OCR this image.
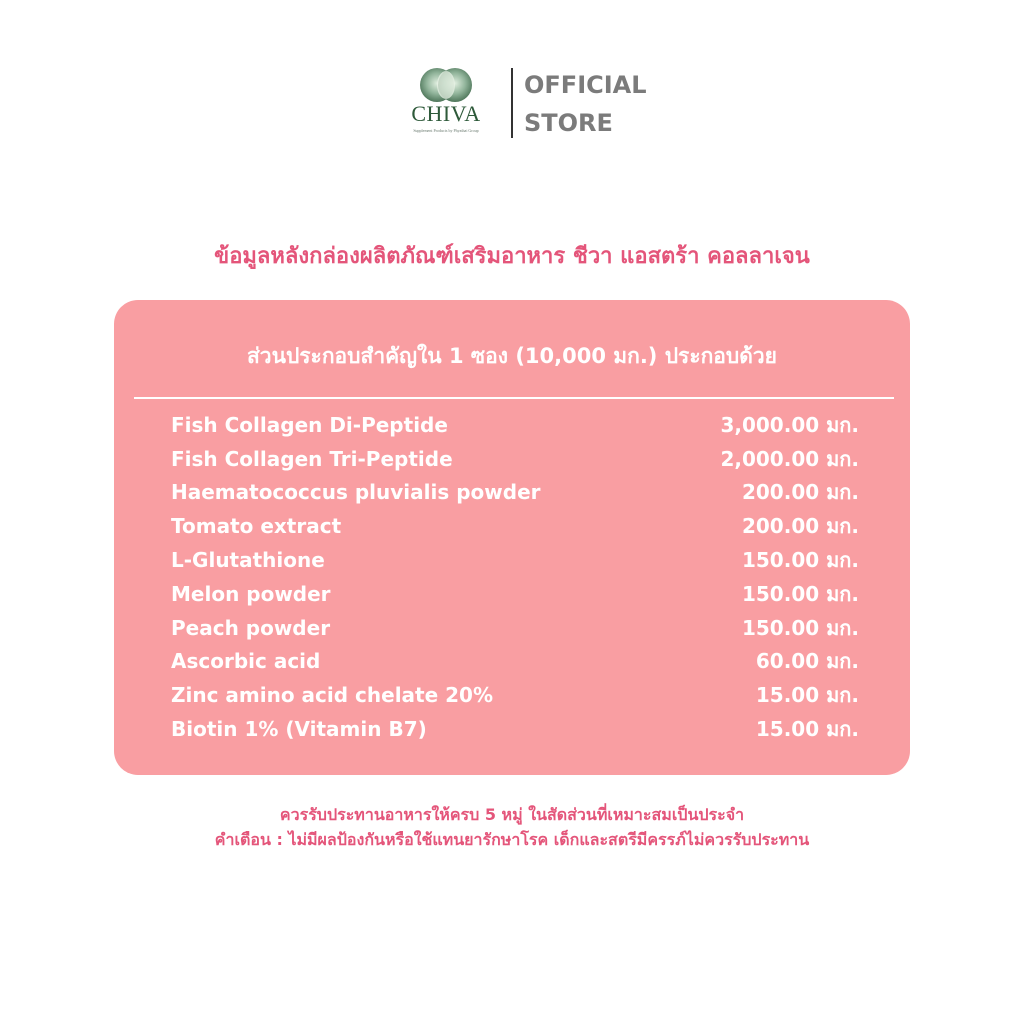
CHIVA
Supplement Products by Phyathai Group
OFFICIAL
STORE
ข้อมูลหลังกล่องผลิตภัณฑ์เสริมอาหาร ชีวา แอสตร้า คอลลาเจน
ส่วนประกอบสำคัญใน 1 ซอง (10,000 มก.) ประกอบด้วย
Fish Collagen Di-Peptide	3,000.00 มก.
Fish Collagen Tri-Peptide	2,000.00 มก.
Haematococcus pluvialis powder	200.00 มก.
Tomato extract	200.00 มก.
L-Glutathione	150.00 มก.
Melon powder	150.00 มก.
Peach powder	150.00 มก.
Ascorbic acid	60.00 มก.
Zinc amino acid chelate 20%	15.00 มก.
Biotin 1% (Vitamin B7)	15.00 มก.
ควรรับประทานอาหารให้ครบ 5 หมู่ ในสัดส่วนที่เหมาะสมเป็นประจำ
คำเตือน : ไม่มีผลป้องกันหรือใช้แทนยารักษาโรค เด็กและสตรีมีครรภ์ไม่ควรรับประทาน
